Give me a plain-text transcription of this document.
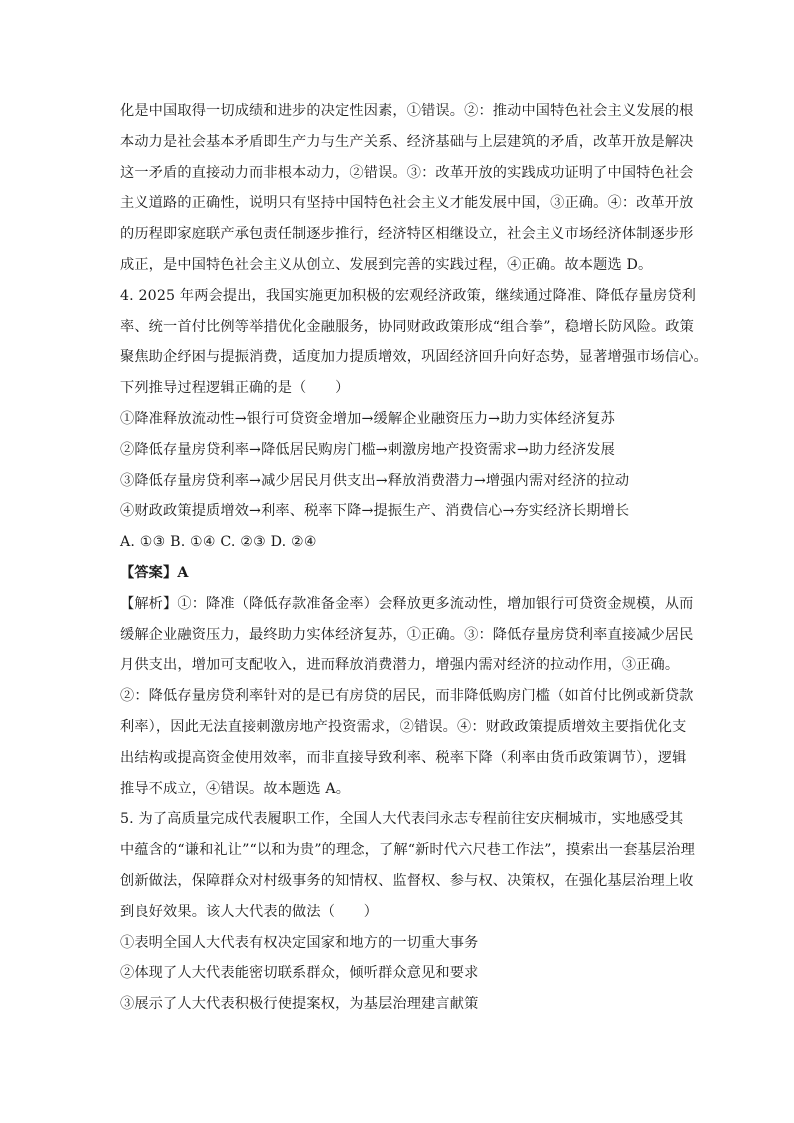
化是中国取得一切成绩和进步的决定性因素，①错误。②：推动中国特色社会主义发展的根
本动力是社会基本矛盾即生产力与生产关系、经济基础与上层建筑的矛盾，改革开放是解决
这一矛盾的直接动力而非根本动力，②错误。③：改革开放的实践成功证明了中国特色社会
主义道路的正确性，说明只有坚持中国特色社会主义才能发展中国，③正确。④：改革开放
的历程即家庭联产承包责任制逐步推行，经济特区相继设立，社会主义市场经济体制逐步形
成正，是中国特色社会主义从创立、发展到完善的实践过程，④正确。故本题选 D。
4. 2025 年两会提出，我国实施更加积极的宏观经济政策，继续通过降准、降低存量房贷利
率、统一首付比例等举措优化金融服务，协同财政政策形成“组合拳”，稳增长防风险。政策
聚焦助企纾困与提振消费，适度加力提质增效，巩固经济回升向好态势，显著增强市场信心。
下列推导过程逻辑正确的是（　　）
①降准释放流动性→银行可贷资金增加→缓解企业融资压力→助力实体经济复苏
②降低存量房贷利率→降低居民购房门槛→刺激房地产投资需求→助力经济发展
③降低存量房贷利率→减少居民月供支出→释放消费潜力→增强内需对经济的拉动
④财政政策提质增效→利率、税率下降→提振生产、消费信心→夯实经济长期增长
A. ①③ B. ①④ C. ②③ D. ②④
【答案】A
【解析】①：降准（降低存款准备金率）会释放更多流动性，增加银行可贷资金规模，从而
缓解企业融资压力，最终助力实体经济复苏，①正确。③：降低存量房贷利率直接减少居民
月供支出，增加可支配收入，进而释放消费潜力，增强内需对经济的拉动作用，③正确。
②：降低存量房贷利率针对的是已有房贷的居民，而非降低购房门槛（如首付比例或新贷款
利率），因此无法直接刺激房地产投资需求，②错误。④：财政政策提质增效主要指优化支
出结构或提高资金使用效率，而非直接导致利率、税率下降（利率由货币政策调节），逻辑
推导不成立，④错误。故本题选 A。
5. 为了高质量完成代表履职工作，全国人大代表闫永志专程前往安庆桐城市，实地感受其
中蕴含的“谦和礼让”“以和为贵”的理念，了解“新时代六尺巷工作法”，摸索出一套基层治理
创新做法，保障群众对村级事务的知情权、监督权、参与权、决策权，在强化基层治理上收
到良好效果。该人大代表的做法（　　）
①表明全国人大代表有权决定国家和地方的一切重大事务
②体现了人大代表能密切联系群众，倾听群众意见和要求
③展示了人大代表积极行使提案权，为基层治理建言献策
